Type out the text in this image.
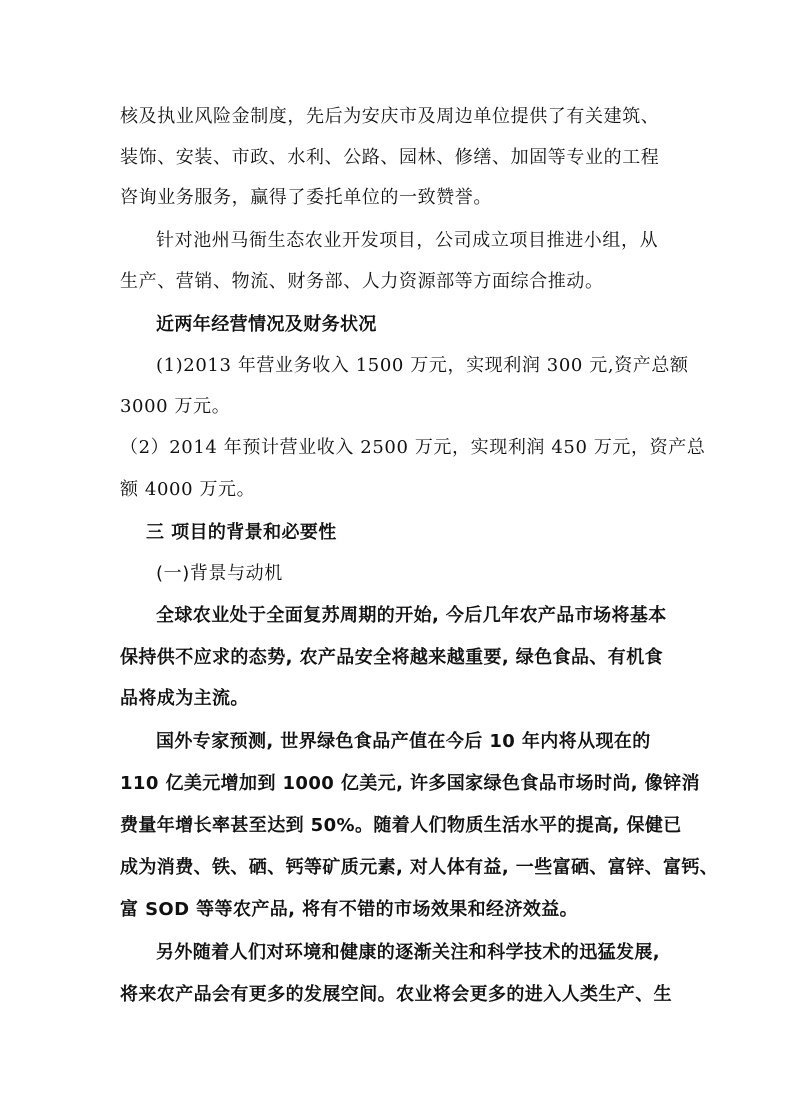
核及执业风险金制度，先后为安庆市及周边单位提供了有关建筑、
装饰、安装、市政、水利、公路、园林、修缮、加固等专业的工程
咨询业务服务，赢得了委托单位的一致赞誉。
针对池州马衙生态农业开发项目，公司成立项目推进小组，从
生产、营销、物流、财务部、人力资源部等方面综合推动。
近两年经营情况及财务状况
(1)2013 年营业务收入 1500 万元，实现利润 300 元,资产总额
3000 万元。
（2）2014 年预计营业收入 2500 万元，实现利润 450 万元，资产总
额 4000 万元。
三 项目的背景和必要性
(一)背景与动机
全球农业处于全面复苏周期的开始, 今后几年农产品市场将基本
保持供不应求的态势, 农产品安全将越来越重要, 绿色食品、有机食
品将成为主流。
国外专家预测, 世界绿色食品产值在今后 10 年内将从现在的
110 亿美元增加到 1000 亿美元, 许多国家绿色食品市场时尚, 像锌消
费量年增长率甚至达到 50%。随着人们物质生活水平的提高, 保健已
成为消费、铁、硒、钙等矿质元素, 对人体有益, 一些富硒、富锌、富钙、
富 SOD 等等农产品, 将有不错的市场效果和经济效益。
另外随着人们对环境和健康的逐渐关注和科学技术的迅猛发展,
将来农产品会有更多的发展空间。农业将会更多的进入人类生产、生
